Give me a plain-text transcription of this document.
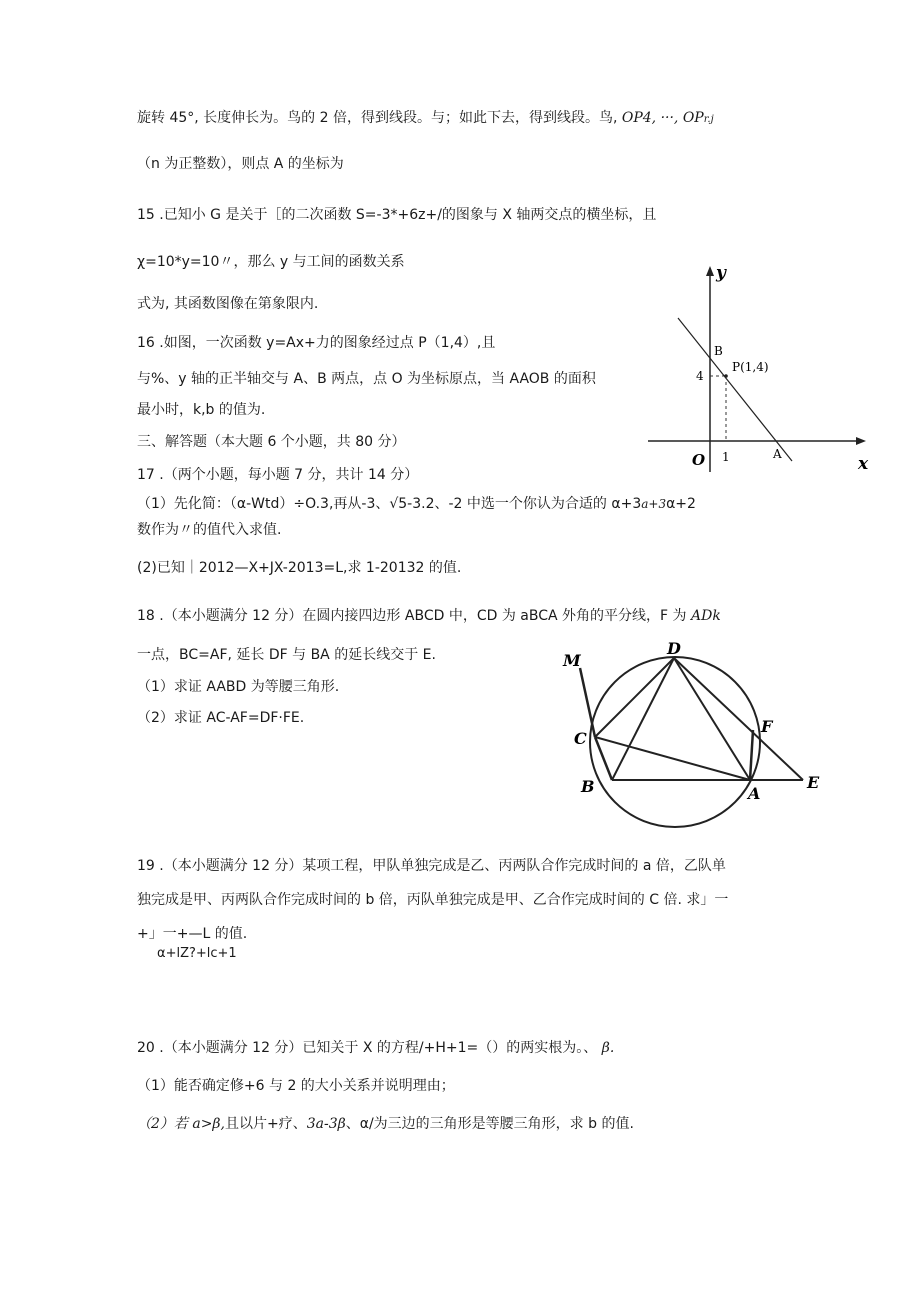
旋转 45°, 长度伸长为。鸟的 2 倍，得到线段。与；如此下去，得到线段。鸟, OP4, ···, OPr.j
（n 为正整数），则点 A 的坐标为
15 .已知小 G 是关于［的二次函数 S=-3*+6z+/的图象与 X 轴两交点的横坐标，且
χ=10*y=10〃，那么 y 与工间的函数关系
式为, 其函数图像在第象限内.
16 .如图，一次函数 y=Ax+力的图象经过点 P（1,4）,且
与%、y 轴的正半轴交与 A、B 两点，点 O 为坐标原点，当 AAOB 的面积
最小时，k,b 的值为.
三、解答题（本大题 6 个小题，共 80 分）
17 .（两个小题，每小题 7 分，共计 14 分）
（1）先化简：（α-Wtd）÷O.3,再从-3、√5-3.2、-2 中选一个你认为合适的 α+3a+3α+2
数作为〃的值代入求值.
(2)已知｜2012—X+JX-2013=L,求 1-20132 的值.
18 .（本小题满分 12 分）在圆内接四边形 ABCD 中，CD 为 aBCA 外角的平分线，F 为 ADk
一点，BC=AF, 延长 DF 与 BA 的延长线交于 E.
（1）求证 AABD 为等腰三角形.
（2）求证 AC-AF=DF·FE.
19 .（本小题满分 12 分）某项工程，甲队单独完成是乙、丙两队合作完成时间的 a 倍，乙队单
独完成是甲、丙两队合作完成时间的 b 倍，丙队单独完成是甲、乙合作完成时间的 C 倍. 求」一
+」一+—L 的值.
α+lZ?+lc+1
20 .（本小题满分 12 分）已知关于 X 的方程/+H+1=（）的两实根为。、 β.
（1）能否确定修+6 与 2 的大小关系并说明理由；
（2）若 a>β,且以片+疗、3a-3β、α/为三边的三角形是等腰三角形，求 b 的值.
y
x
O
B
P(1,4)
4
1	A
M
D
C
F
B	A
E
